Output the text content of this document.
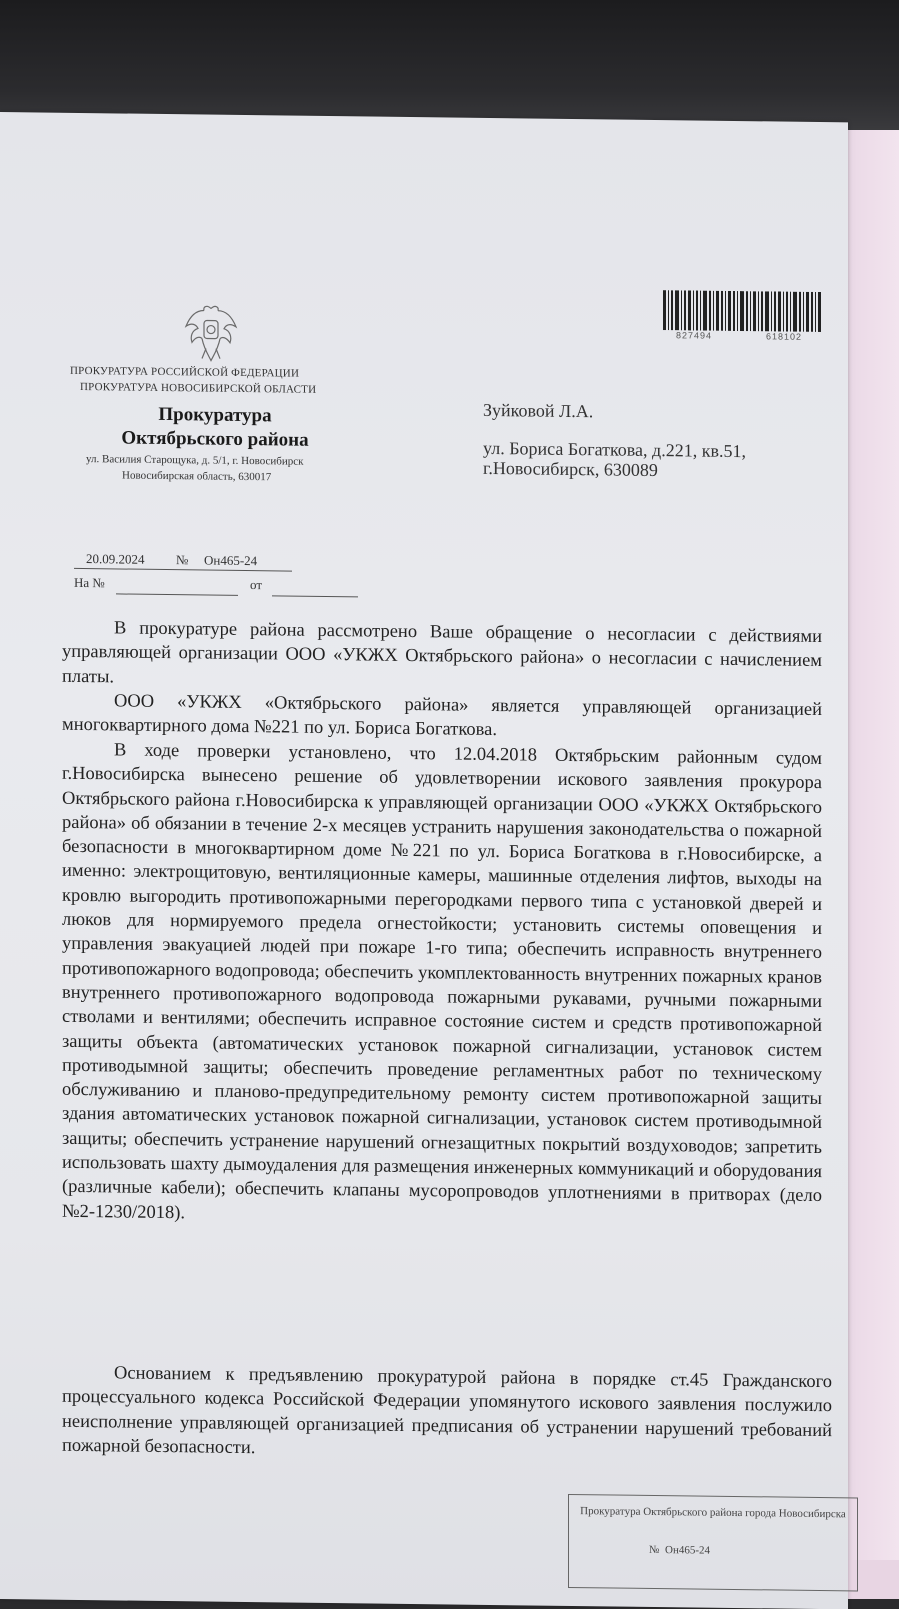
827494	618102
ПРОКУРАТУРА РОССИЙСКОЙ ФЕДЕРАЦИИ
ПРОКУРАТУРА НОВОСИБИРСКОЙ ОБЛАСТИ
Прокуратура
Октябрьского района
ул. Василия Старощука, д. 5/1, г. Новосибирск
Новосибирская область, 630017
Зуйковой Л.А.
ул. Бориса Богаткова, д.221, кв.51,
г.Новосибирск, 630089
20.09.2024 № Он465-24
На №	от
В прокуратуре района рассмотрено Ваше обращение о несогласии с действиями управляющей организации ООО «УКЖХ Октябрьского района» о несогласии с начислением платы.
ООО «УКЖХ «Октябрьского района» является управляющей организацией многоквартирного дома №221 по ул. Бориса Богаткова.
В ходе проверки установлено, что 12.04.2018 Октябрьским районным судом г.Новосибирска вынесено решение об удовлетворении искового заявления прокурора Октябрьского района г.Новосибирска к управляющей организации ООО «УКЖХ Октябрьского района» об обязании в течение 2-х месяцев устранить нарушения законодательства о пожарной безопасности в многоквартирном доме №221 по ул. Бориса Богаткова в г.Новосибирске, а именно: электрощитовую, вентиляционные камеры, машинные отделения лифтов, выходы на кровлю выгородить противопожарными перегородками первого типа с установкой дверей и люков для нормируемого предела огнестойкости; установить системы оповещения и управления эвакуацией людей при пожаре 1-го типа; обеспечить исправность внутреннего противопожарного водопровода; обеспечить укомплектованность внутренних пожарных кранов внутреннего противопожарного водопровода пожарными рукавами, ручными пожарными стволами и вентилями; обеспечить исправное состояние систем и средств противопожарной защиты объекта (автоматических установок пожарной сигнализации, установок систем противодымной защиты; обеспечить проведение регламентных работ по техническому обслуживанию и планово-предупредительному ремонту систем противопожарной защиты здания автоматических установок пожарной сигнализации, установок систем противодымной защиты; обеспечить устранение нарушений огнезащитных покрытий воздуховодов; запретить использовать шахту дымоудаления для размещения инженерных коммуникаций и оборудования (различные кабели); обеспечить клапаны мусоропроводов уплотнениями в притворах (дело №2-1230/2018).
Основанием к предъявлению прокуратурой района в порядке ст.45 Гражданского процессуального кодекса Российской Федерации упомянутого искового заявления послужило неисполнение управляющей организацией предписания об устранении нарушений требований пожарной безопасности.
Прокуратура Октябрьского района города Новосибирска
№ Он465-24
